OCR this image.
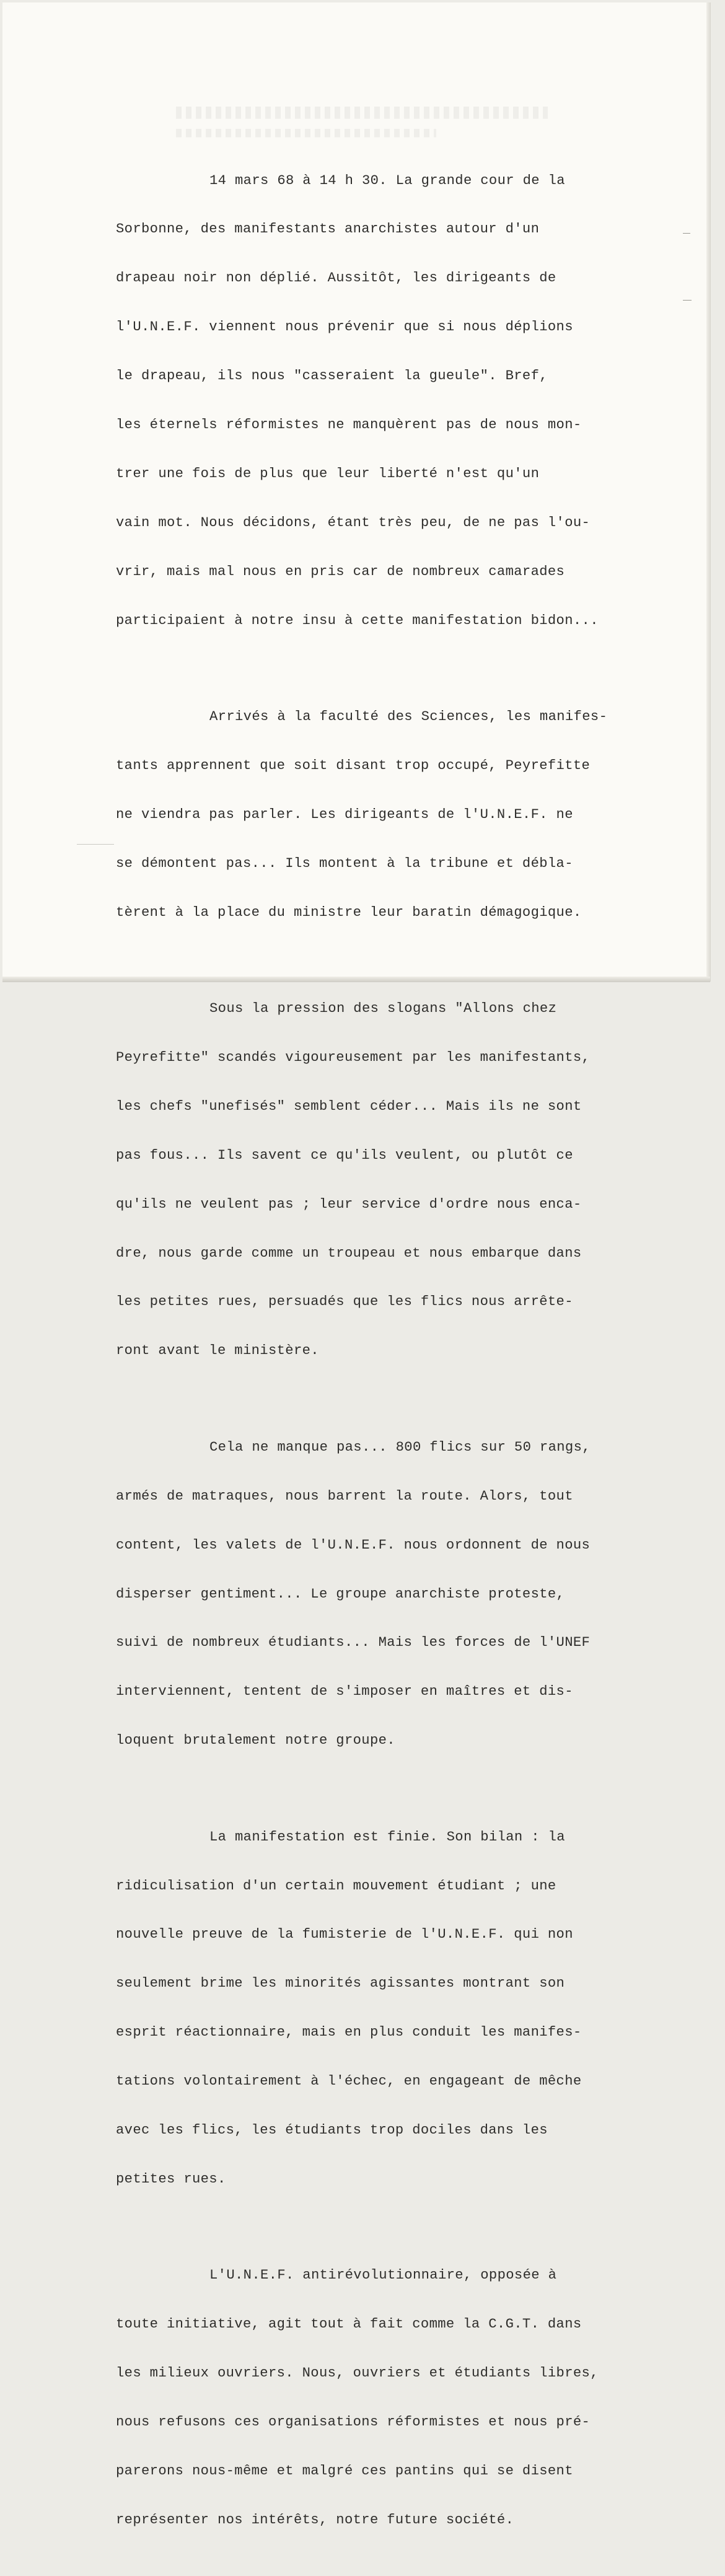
14 mars 68 à 14 h 30. La grande cour de la

Sorbonne, des manifestants anarchistes autour d'un

drapeau noir non déplié. Aussitôt, les dirigeants de

l'U.N.E.F. viennent nous prévenir que si nous déplions

le drapeau, ils nous "casseraient la gueule". Bref,

les éternels réformistes ne manquèrent pas de nous mon-

trer une fois de plus que leur liberté n'est qu'un

vain mot. Nous décidons, étant très peu, de ne pas l'ou-

vrir, mais mal nous en pris car de nombreux camarades

participaient à notre insu à cette manifestation bidon...

Arrivés à la faculté des Sciences, les manifes-

tants apprennent que soit disant trop occupé, Peyrefitte

ne viendra pas parler. Les dirigeants de l'U.N.E.F. ne

se démontent pas... Ils montent à la tribune et débla-

tèrent à la place du ministre leur baratin démagogique.

Sous la pression des slogans "Allons chez

Peyrefitte" scandés vigoureusement par les manifestants,

les chefs "unefisés" semblent céder... Mais ils ne sont

pas fous... Ils savent ce qu'ils veulent, ou plutôt ce

qu'ils ne veulent pas ; leur service d'ordre nous enca-

dre, nous garde comme un troupeau et nous embarque dans

les petites rues, persuadés que les flics nous arrête-

ront avant le ministère.

Cela ne manque pas... 800 flics sur 50 rangs,

armés de matraques, nous barrent la route. Alors, tout

content, les valets de l'U.N.E.F. nous ordonnent de nous

disperser gentiment... Le groupe anarchiste proteste,

suivi de nombreux étudiants... Mais les forces de l'UNEF

interviennent, tentent de s'imposer en maîtres et dis-

loquent brutalement notre groupe.

La manifestation est finie. Son bilan : la

ridiculisation d'un certain mouvement étudiant ; une

nouvelle preuve de la fumisterie de l'U.N.E.F. qui non

seulement brime les minorités agissantes montrant son

esprit réactionnaire, mais en plus conduit les manifes-

tations volontairement à l'échec, en engageant de mêche

avec les flics, les étudiants trop dociles dans les

petites rues.

L'U.N.E.F. antirévolutionnaire, opposée à

toute initiative, agit tout à fait comme la C.G.T. dans

les milieux ouvriers. Nous, ouvriers et étudiants libres,

nous refusons ces organisations réformistes et nous pré-

parerons nous-même et malgré ces pantins qui se disent

représenter nos intérêts, notre future société.
